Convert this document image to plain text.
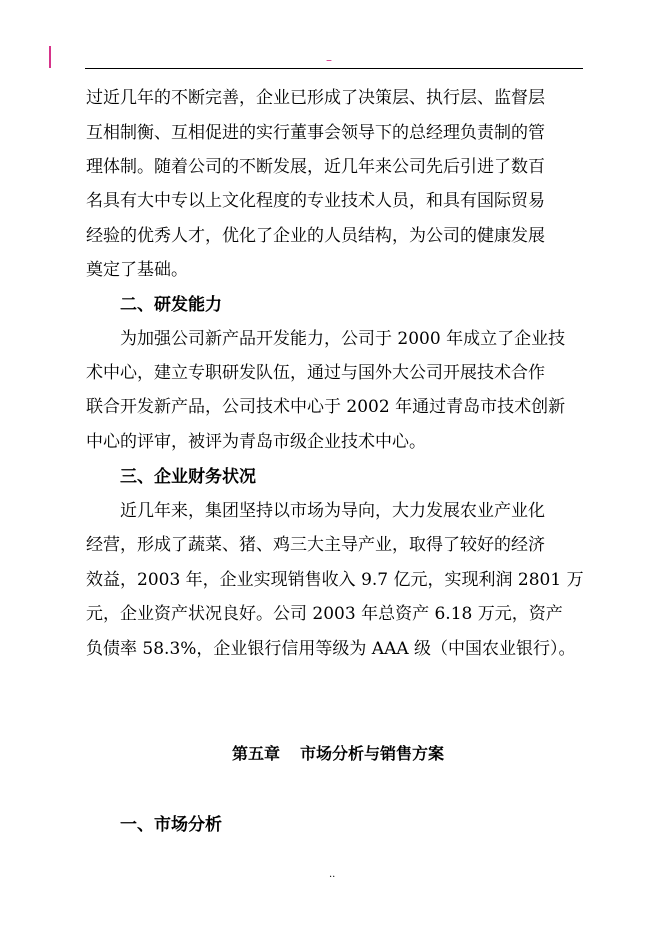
–
过近几年的不断完善，企业已形成了决策层、执行层、监督层
互相制衡、互相促进的实行董事会领导下的总经理负责制的管
理体制。随着公司的不断发展，近几年来公司先后引进了数百
名具有大中专以上文化程度的专业技术人员，和具有国际贸易
经验的优秀人才，优化了企业的人员结构，为公司的健康发展
奠定了基础。
二、研发能力
为加强公司新产品开发能力，公司于 2000 年成立了企业技
术中心，建立专职研发队伍，通过与国外大公司开展技术合作
联合开发新产品，公司技术中心于 2002 年通过青岛市技术创新
中心的评审，被评为青岛市级企业技术中心。
三、企业财务状况
近几年来，集团坚持以市场为导向，大力发展农业产业化
经营，形成了蔬菜、猪、鸡三大主导产业，取得了较好的经济
效益，2003 年，企业实现销售收入 9.7 亿元，实现利润 2801 万
元，企业资产状况良好。公司 2003 年总资产 6.18 万元，资产
负债率 58.3%，企业银行信用等级为 AAA 级（中国农业银行）。
第五章 市场分析与销售方案
一、市场分析
..
